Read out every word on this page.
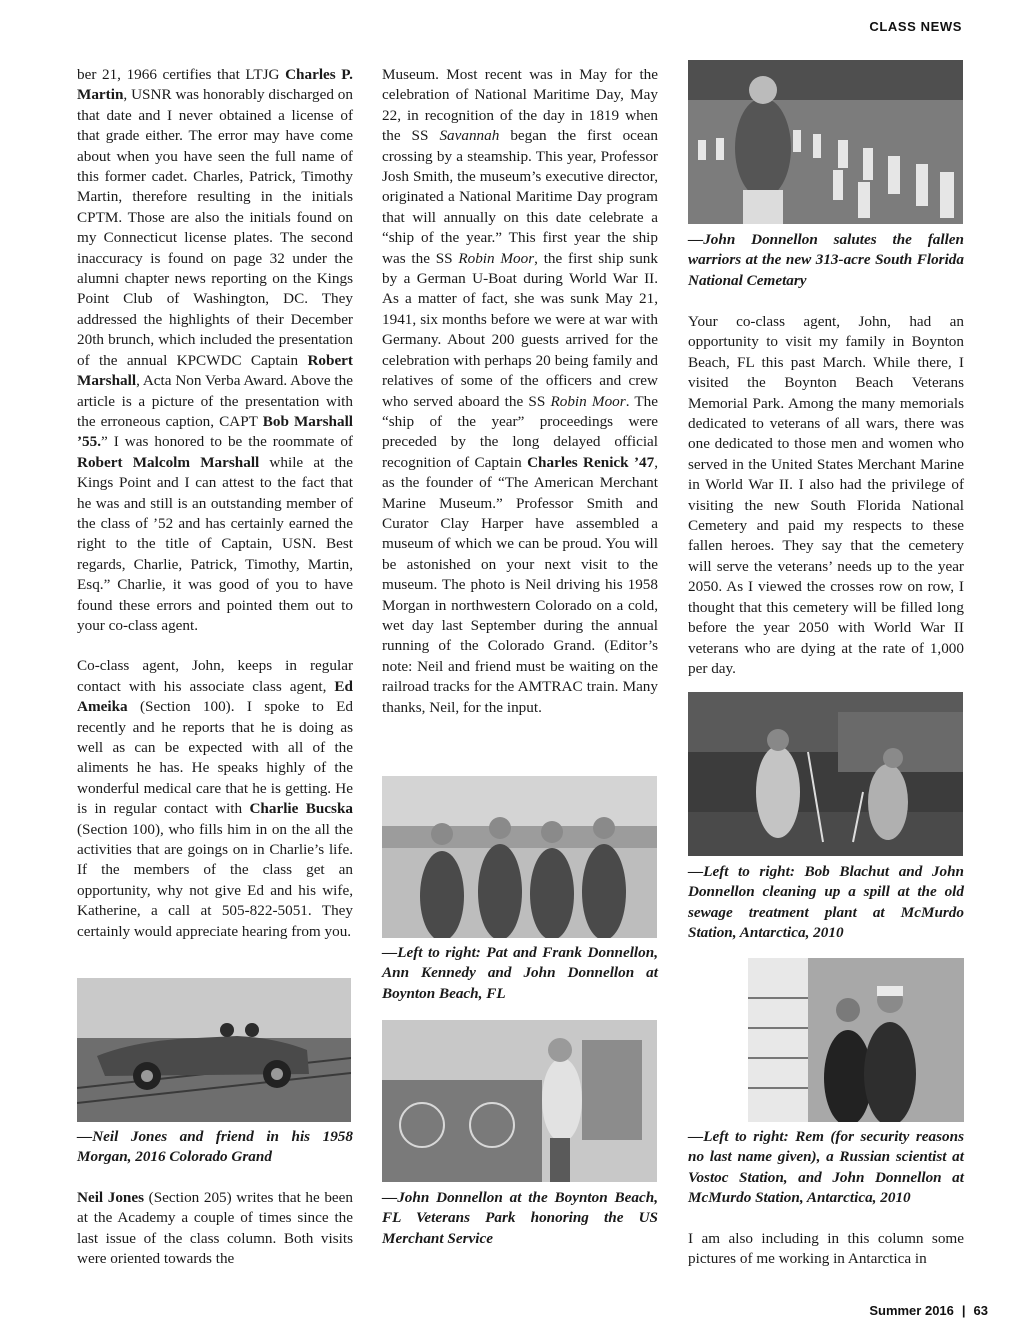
CLASS NEWS

ber 21, 1966 certifies that LTJG Charles P. Martin, USNR was honorably discharged on that date and I never obtained a license of that grade either. The error may have come about when you have seen the full name of this former cadet. Charles, Patrick, Timothy Martin, therefore resulting in the initials CPTM. Those are also the initials found on my Connecticut license plates. The second inaccuracy is found on page 32 under the alumni chapter news reporting on the Kings Point Club of Washington, DC. They addressed the highlights of their December 20th brunch, which included the presentation of the annual KPCWDC Captain Robert Marshall, Acta Non Verba Award. Above the article is a picture of the presentation with the erroneous caption, CAPT Bob Marshall ’55.” I was honored to be the roommate of Robert Malcolm Marshall while at the Kings Point and I can attest to the fact that he was and still is an outstanding member of the class of ’52 and has certainly earned the right to the title of Captain, USN. Best regards, Charlie, Patrick, Timothy, Martin, Esq.” Charlie, it was good of you to have found these errors and pointed them out to your co-class agent.

Co-class agent, John, keeps in regular contact with his associate class agent, Ed Ameika (Section 100). I spoke to Ed recently and he reports that he is doing as well as can be expected with all of the aliments he has. He speaks highly of the wonderful medical care that he is getting. He is in regular contact with Charlie Bucska (Section 100), who fills him in on the all the activities that are goings on in Charlie’s life. If the members of the class get an opportunity, why not give Ed and his wife, Katherine, a call at 505-822-5051. They certainly would appreciate hearing from you.

—Neil Jones and friend in his 1958 Morgan, 2016 Colorado Grand

Neil Jones (Section 205) writes that he been at the Academy a couple of times since the last issue of the class column. Both visits were oriented towards the

Museum. Most recent was in May for the celebration of National Maritime Day, May 22, in recognition of the day in 1819 when the SS Savannah began the first ocean crossing by a steamship. This year, Professor Josh Smith, the museum’s executive director, originated a National Maritime Day program that will annually on this date celebrate a “ship of the year.” This first year the ship was the SS Robin Moor, the first ship sunk by a German U-Boat during World War II. As a matter of fact, she was sunk May 21, 1941, six months before we were at war with Germany. About 200 guests arrived for the celebration with perhaps 20 being family and relatives of some of the officers and crew who served aboard the SS Robin Moor. The “ship of the year” proceedings were preceded by the long delayed official recognition of Captain Charles Renick ’47, as the founder of “The American Merchant Marine Museum.” Professor Smith and Curator Clay Harper have assembled a museum of which we can be proud. You will be astonished on your next visit to the museum. The photo is Neil driving his 1958 Morgan in northwestern Colorado on a cold, wet day last September during the annual running of the Colorado Grand. (Editor’s note: Neil and friend must be waiting on the railroad tracks for the AMTRAC train. Many thanks, Neil, for the input.

—Left to right: Pat and Frank Donnellon, Ann Kennedy and John Donnellon at Boynton Beach, FL
—John Donnellon at the Boynton Beach, FL Veterans Park honoring the US Merchant Service
—John Donnellon salutes the fallen warriors at the new 313-acre South Florida National Cemetary

Your co-class agent, John, had an opportunity to visit my family in Boynton Beach, FL this past March. While there, I visited the Boynton Beach Veterans Memorial Park. Among the many memorials dedicated to veterans of all wars, there was one dedicated to those men and women who served in the United States Merchant Marine in World War II. I also had the privilege of visiting the new South Florida National Cemetery and paid my respects to these fallen heroes. They say that the cemetery will serve the veterans’ needs up to the year 2050. As I viewed the crosses row on row, I thought that this cemetery will be filled long before the year 2050 with World War II veterans who are dying at the rate of 1,000 per day.

—Left to right: Bob Blachut and John Donnellon cleaning up a spill at the old sewage treatment plant at McMurdo Station, Antarctica, 2010
—Left to right: Rem (for security reasons no last name given), a Russian scientist at Vostoc Station, and John Donnellon at McMurdo Station, Antarctica, 2010

I am also including in this column some pictures of me working in Antarctica in

Summer 2016 | 63
